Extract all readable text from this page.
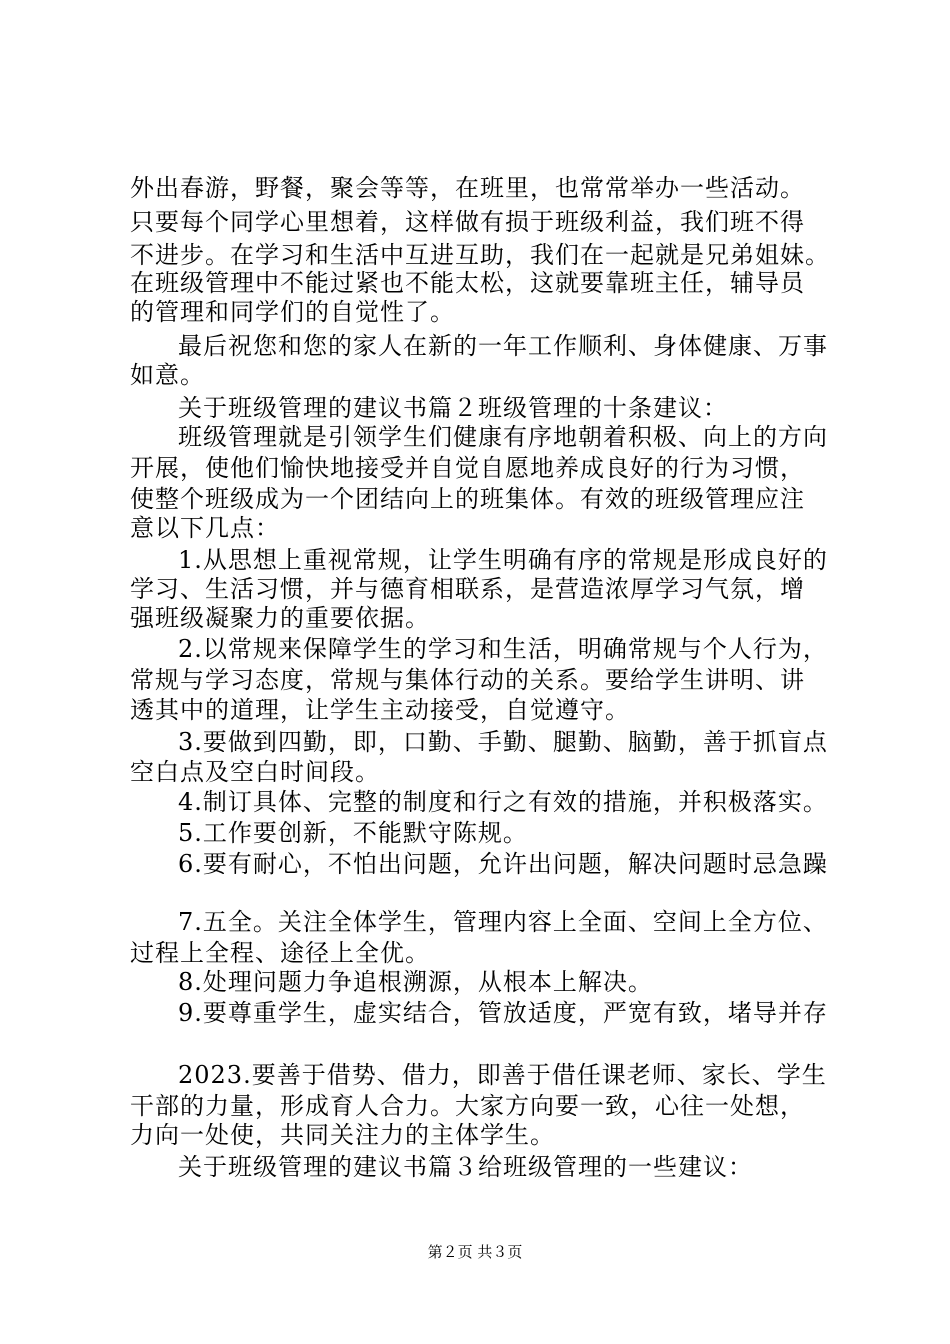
外出春游，野餐，聚会等等，在班里，也常常举办一些活动。
只要每个同学心里想着，这样做有损于班级利益，我们班不得
不进步。在学习和生活中互进互助，我们在一起就是兄弟姐妹。
在班级管理中不能过紧也不能太松，这就要靠班主任，辅导员
的管理和同学们的自觉性了。
最后祝您和您的家人在新的一年工作顺利、身体健康、万事
如意。
关于班级管理的建议书篇２班级管理的十条建议：
班级管理就是引领学生们健康有序地朝着积极、向上的方向
开展，使他们愉快地接受并自觉自愿地养成良好的行为习惯，
使整个班级成为一个团结向上的班集体。有效的班级管理应注
意以下几点：
1.从思想上重视常规，让学生明确有序的常规是形成良好的
学习、生活习惯，并与德育相联系，是营造浓厚学习气氛，增
强班级凝聚力的重要依据。
2.以常规来保障学生的学习和生活，明确常规与个人行为，
常规与学习态度，常规与集体行动的关系。要给学生讲明、讲
透其中的道理，让学生主动接受，自觉遵守。
3.要做到四勤，即，口勤、手勤、腿勤、脑勤，善于抓盲点
空白点及空白时间段。
4.制订具体、完整的制度和行之有效的措施，并积极落实。
5.工作要创新，不能默守陈规。
6.要有耐心，不怕出问题，允许出问题，解决问题时忌急躁
7.五全。关注全体学生，管理内容上全面、空间上全方位、
过程上全程、途径上全优。
8.处理问题力争追根溯源，从根本上解决。
9.要尊重学生，虚实结合，管放适度，严宽有致，堵导并存
2023.要善于借势、借力，即善于借任课老师、家长、学生
干部的力量，形成育人合力。大家方向要一致，心往一处想，
力向一处使，共同关注力的主体学生。
关于班级管理的建议书篇３给班级管理的一些建议：
第２页 共３页
